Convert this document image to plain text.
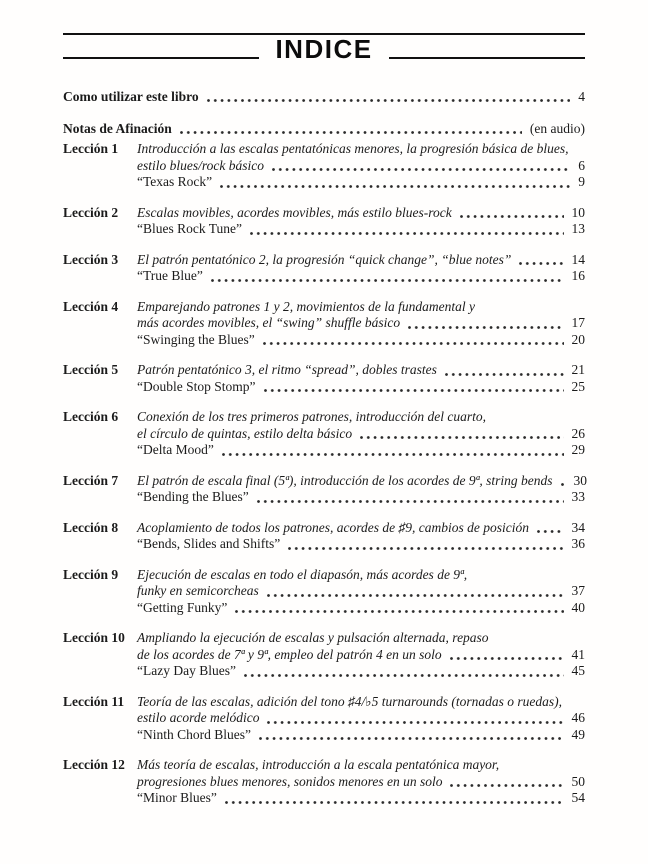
INDICE
Como utilizar este libro	4
Notas de Afinación	(en audio)
Lección 1	Introducción a las escalas pentatónicas menores, la progresión básica de blues,
estilo blues/rock básico	6
“Texas Rock”	9
Lección 2	Escalas movibles, acordes movibles, más estilo blues-rock	10
“Blues Rock Tune”	13
Lección 3	El patrón pentatónico 2, la progresión “quick change”, “blue notes”	14
“True Blue”	16
Lección 4	Emparejando patrones 1 y 2, movimientos de la fundamental y
más acordes movibles, el “swing” shuffle básico	17
“Swinging the Blues”	20
Lección 5	Patrón pentatónico 3, el ritmo “spread”, dobles trastes	21
“Double Stop Stomp”	25
Lección 6	Conexión de los tres primeros patrones, introducción del cuarto,
el círculo de quintas, estilo delta básico	26
“Delta Mood”	29
Lección 7	El patrón de escala final (5ª), introducción de los acordes de 9ª, string bends 30
“Bending the Blues”	33
Lección 8	Acoplamiento de todos los patrones, acordes de ♯9, cambios de posición	34
“Bends, Slides and Shifts”	36
Lección 9	Ejecución de escalas en todo el diapasón, más acordes de 9ª,
funky en semicorcheas	37
“Getting Funky”	40
Lección 10 Ampliando la ejecución de escalas y pulsación alternada, repaso
de los acordes de 7ª y 9ª, empleo del patrón 4 en un solo	41
“Lazy Day Blues”	45
Lección 11 Teoría de las escalas, adición del tono ♯4/♭5 turnarounds (tornadas o ruedas),
estilo acorde melódico	46
“Ninth Chord Blues”	49
Lección 12 Más teoría de escalas, introducción a la escala pentatónica mayor,
progresiones blues menores, sonidos menores en un solo	50
“Minor Blues”	54
